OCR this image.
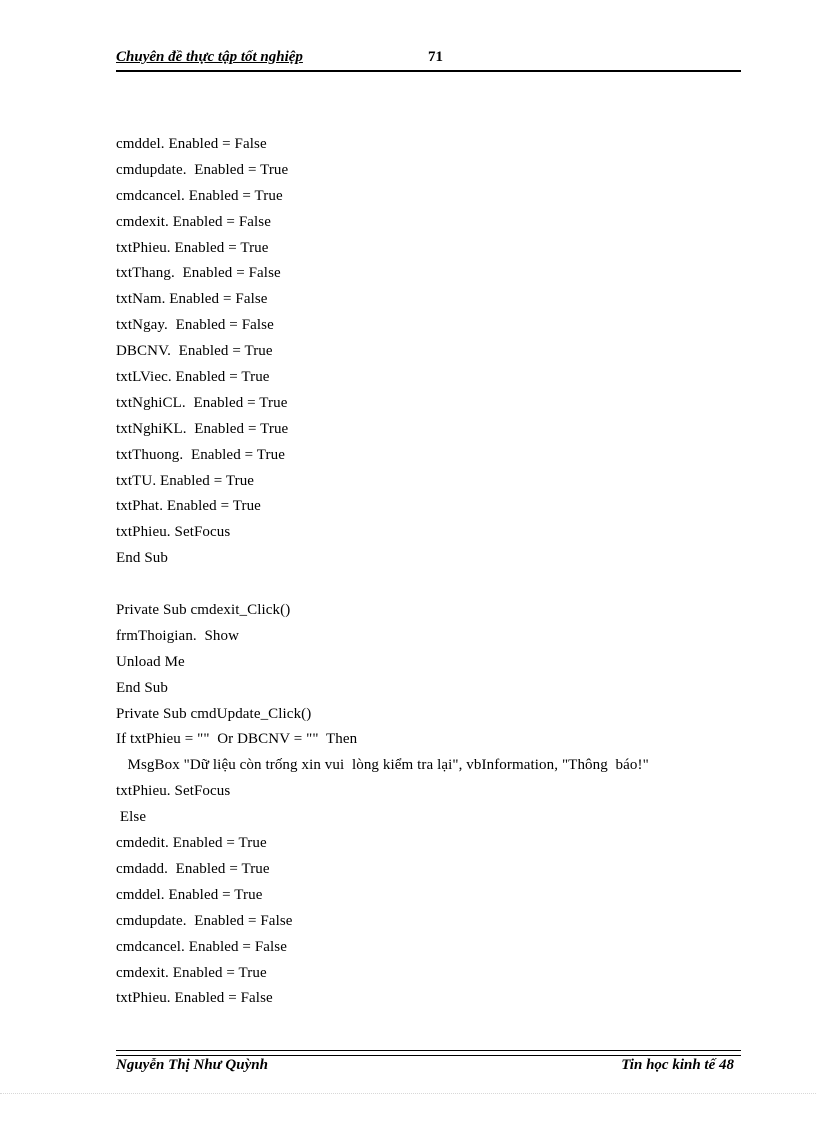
Chuyên đề thực tập tốt nghiệp	71
cmddel. Enabled = False
cmdupdate.  Enabled = True
cmdcancel. Enabled = True
cmdexit. Enabled = False
txtPhieu. Enabled = True
txtThang.  Enabled = False
txtNam. Enabled = False
txtNgay.  Enabled = False
DBCNV.  Enabled = True
txtLViec. Enabled = True
txtNghiCL.  Enabled = True
txtNghiKL.  Enabled = True
txtThuong.  Enabled = True
txtTU. Enabled = True
txtPhat. Enabled = True
txtPhieu. SetFocus
End Sub
Private Sub cmdexit_Click()
frmThoigian.  Show
Unload Me
End Sub
Private Sub cmdUpdate_Click()
If txtPhieu = ""  Or DBCNV = ""  Then
MsgBox "Dữ liệu còn trống xin vui  lòng kiểm tra lại", vbInformation, "Thông  báo!"
txtPhieu. SetFocus
Else
cmdedit. Enabled = True
cmdadd.  Enabled = True
cmddel. Enabled = True
cmdupdate.  Enabled = False
cmdcancel. Enabled = False
cmdexit. Enabled = True
txtPhieu. Enabled = False
Nguyễn Thị Như Quỳnh	Tin học kinh tế 48
